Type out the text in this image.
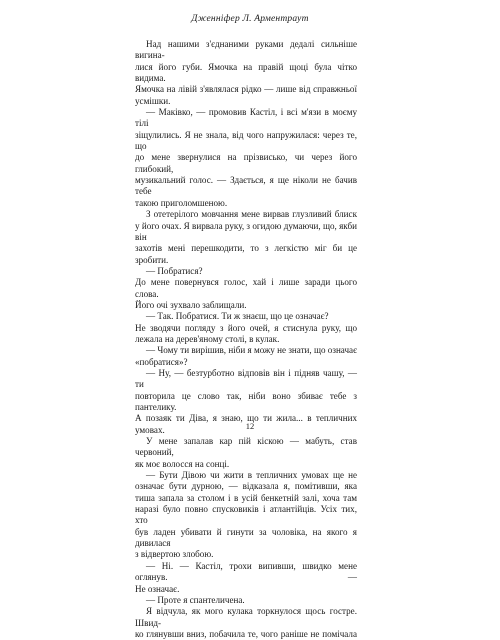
Дженніфер Л. Арментраут

Над нашими з'єднаними руками дедалі сильніше вигина-

лися його губи. Ямочка на правій щоці була чітко видима.

Ямочка на лівій з'являлася рідко — лише від справжньої

усмішки.

— Маківко, — промовив Кастіл, і всі м'язи в моєму тілі

зіщулились. Я не знала, від чого напружилася: через те, що

до мене звернулися на прізвисько, чи через його глибокий,

музикальний голос. — Здається, я ще ніколи не бачив тебе

такою приголомшеною.

З отетерілого мовчання мене вирвав глузливий блиск

у його очах. Я вирвала руку, з огидою думаючи, що, якби він

захотів мені перешкодити, то з легкістю міг би це зробити.

— Побратися?

До мене повернувся голос, хай і лише заради цього слова.

Його очі зухвало заблищали.

— Так. Побратися. Ти ж знаєш, що це означає?

Не зводячи погляду з його очей, я стиснула руку, що

лежала на дерев'яному столі, в кулак.

— Чому ти вирішив, ніби я можу не знати, що означає

«побратися»?

— Ну, — безтурботно відповів він і підняв чашу, — ти

повторила це слово так, ніби воно збиває тебе з пантелику.

А позаяк ти Діва, я знаю, що ти жила... в тепличних умовах.

У мене запалав кар пій кіскою — мабуть, став червоний,

як моє волосся на сонці.

— Бути Дівою чи жити в тепличних умовах ще не

означає бути дурною, — відказала я, помітивши, яка

тиша запала за столом і в усій бенкетній залі, хоча там

наразі було повно спусковиків і атлантійців. Усіх тих, хто

був ладен убивати й гинути за чоловіка, на якого я дивилася

з відвертою злобою.

— Ні. — Кастіл, трохи випивши, швидко мене оглянув. —

Не означає.

— Проте я спантеличена.

Я відчула, як мого кулака торкнулося щось гостре. Швид-

ко глянувши вниз, побачила те, чого раніше не помічала

12
